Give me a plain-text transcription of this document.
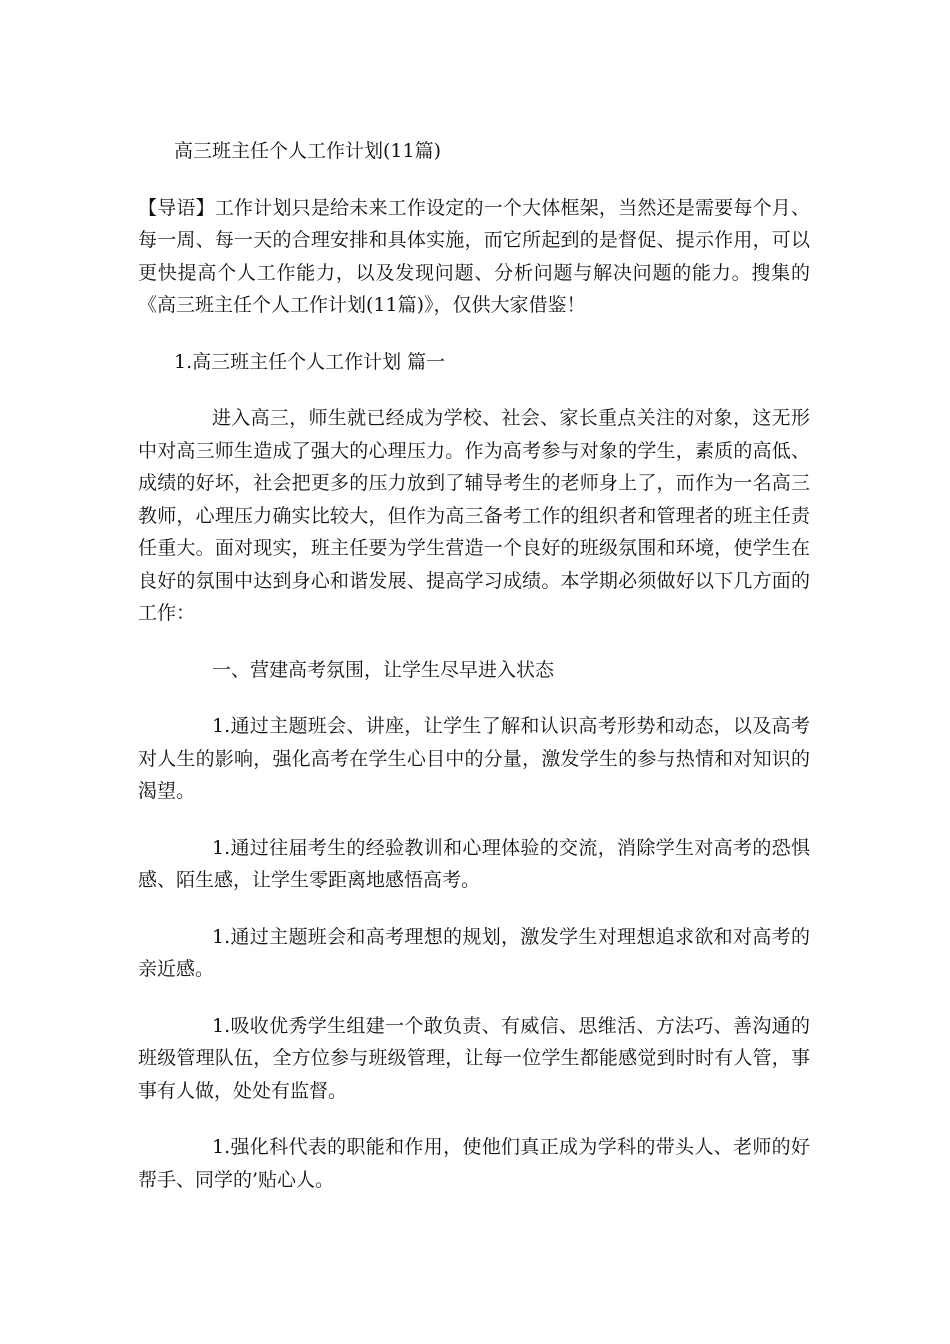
高三班主任个人工作计划(11篇)

【导语】工作计划只是给未来工作设定的一个大体框架，当然还是需要每个月、每一周、每一天的合理安排和具体实施，而它所起到的是督促、提示作用，可以更快提高个人工作能力，以及发现问题、分析问题与解决问题的能力。搜集的《高三班主任个人工作计划(11篇)》，仅供大家借鉴！

1.高三班主任个人工作计划 篇一

进入高三，师生就已经成为学校、社会、家长重点关注的对象，这无形中对高三师生造成了强大的心理压力。作为高考参与对象的学生，素质的高低、成绩的好坏，社会把更多的压力放到了辅导考生的老师身上了，而作为一名高三教师，心理压力确实比较大，但作为高三备考工作的组织者和管理者的班主任责任重大。面对现实，班主任要为学生营造一个良好的班级氛围和环境，使学生在良好的氛围中达到身心和谐发展、提高学习成绩。本学期必须做好以下几方面的工作：

一、营建高考氛围，让学生尽早进入状态

1.通过主题班会、讲座，让学生了解和认识高考形势和动态，以及高考对人生的影响，强化高考在学生心目中的分量，激发学生的参与热情和对知识的渴望。

1.通过往届考生的经验教训和心理体验的交流，消除学生对高考的恐惧感、陌生感，让学生零距离地感悟高考。

1.通过主题班会和高考理想的规划，激发学生对理想追求欲和对高考的亲近感。

1.吸收优秀学生组建一个敢负责、有威信、思维活、方法巧、善沟通的班级管理队伍，全方位参与班级管理，让每一位学生都能感觉到时时有人管，事事有人做，处处有监督。

1.强化科代表的职能和作用，使他们真正成为学科的带头人、老师的好帮手、同学的’贴心人。
